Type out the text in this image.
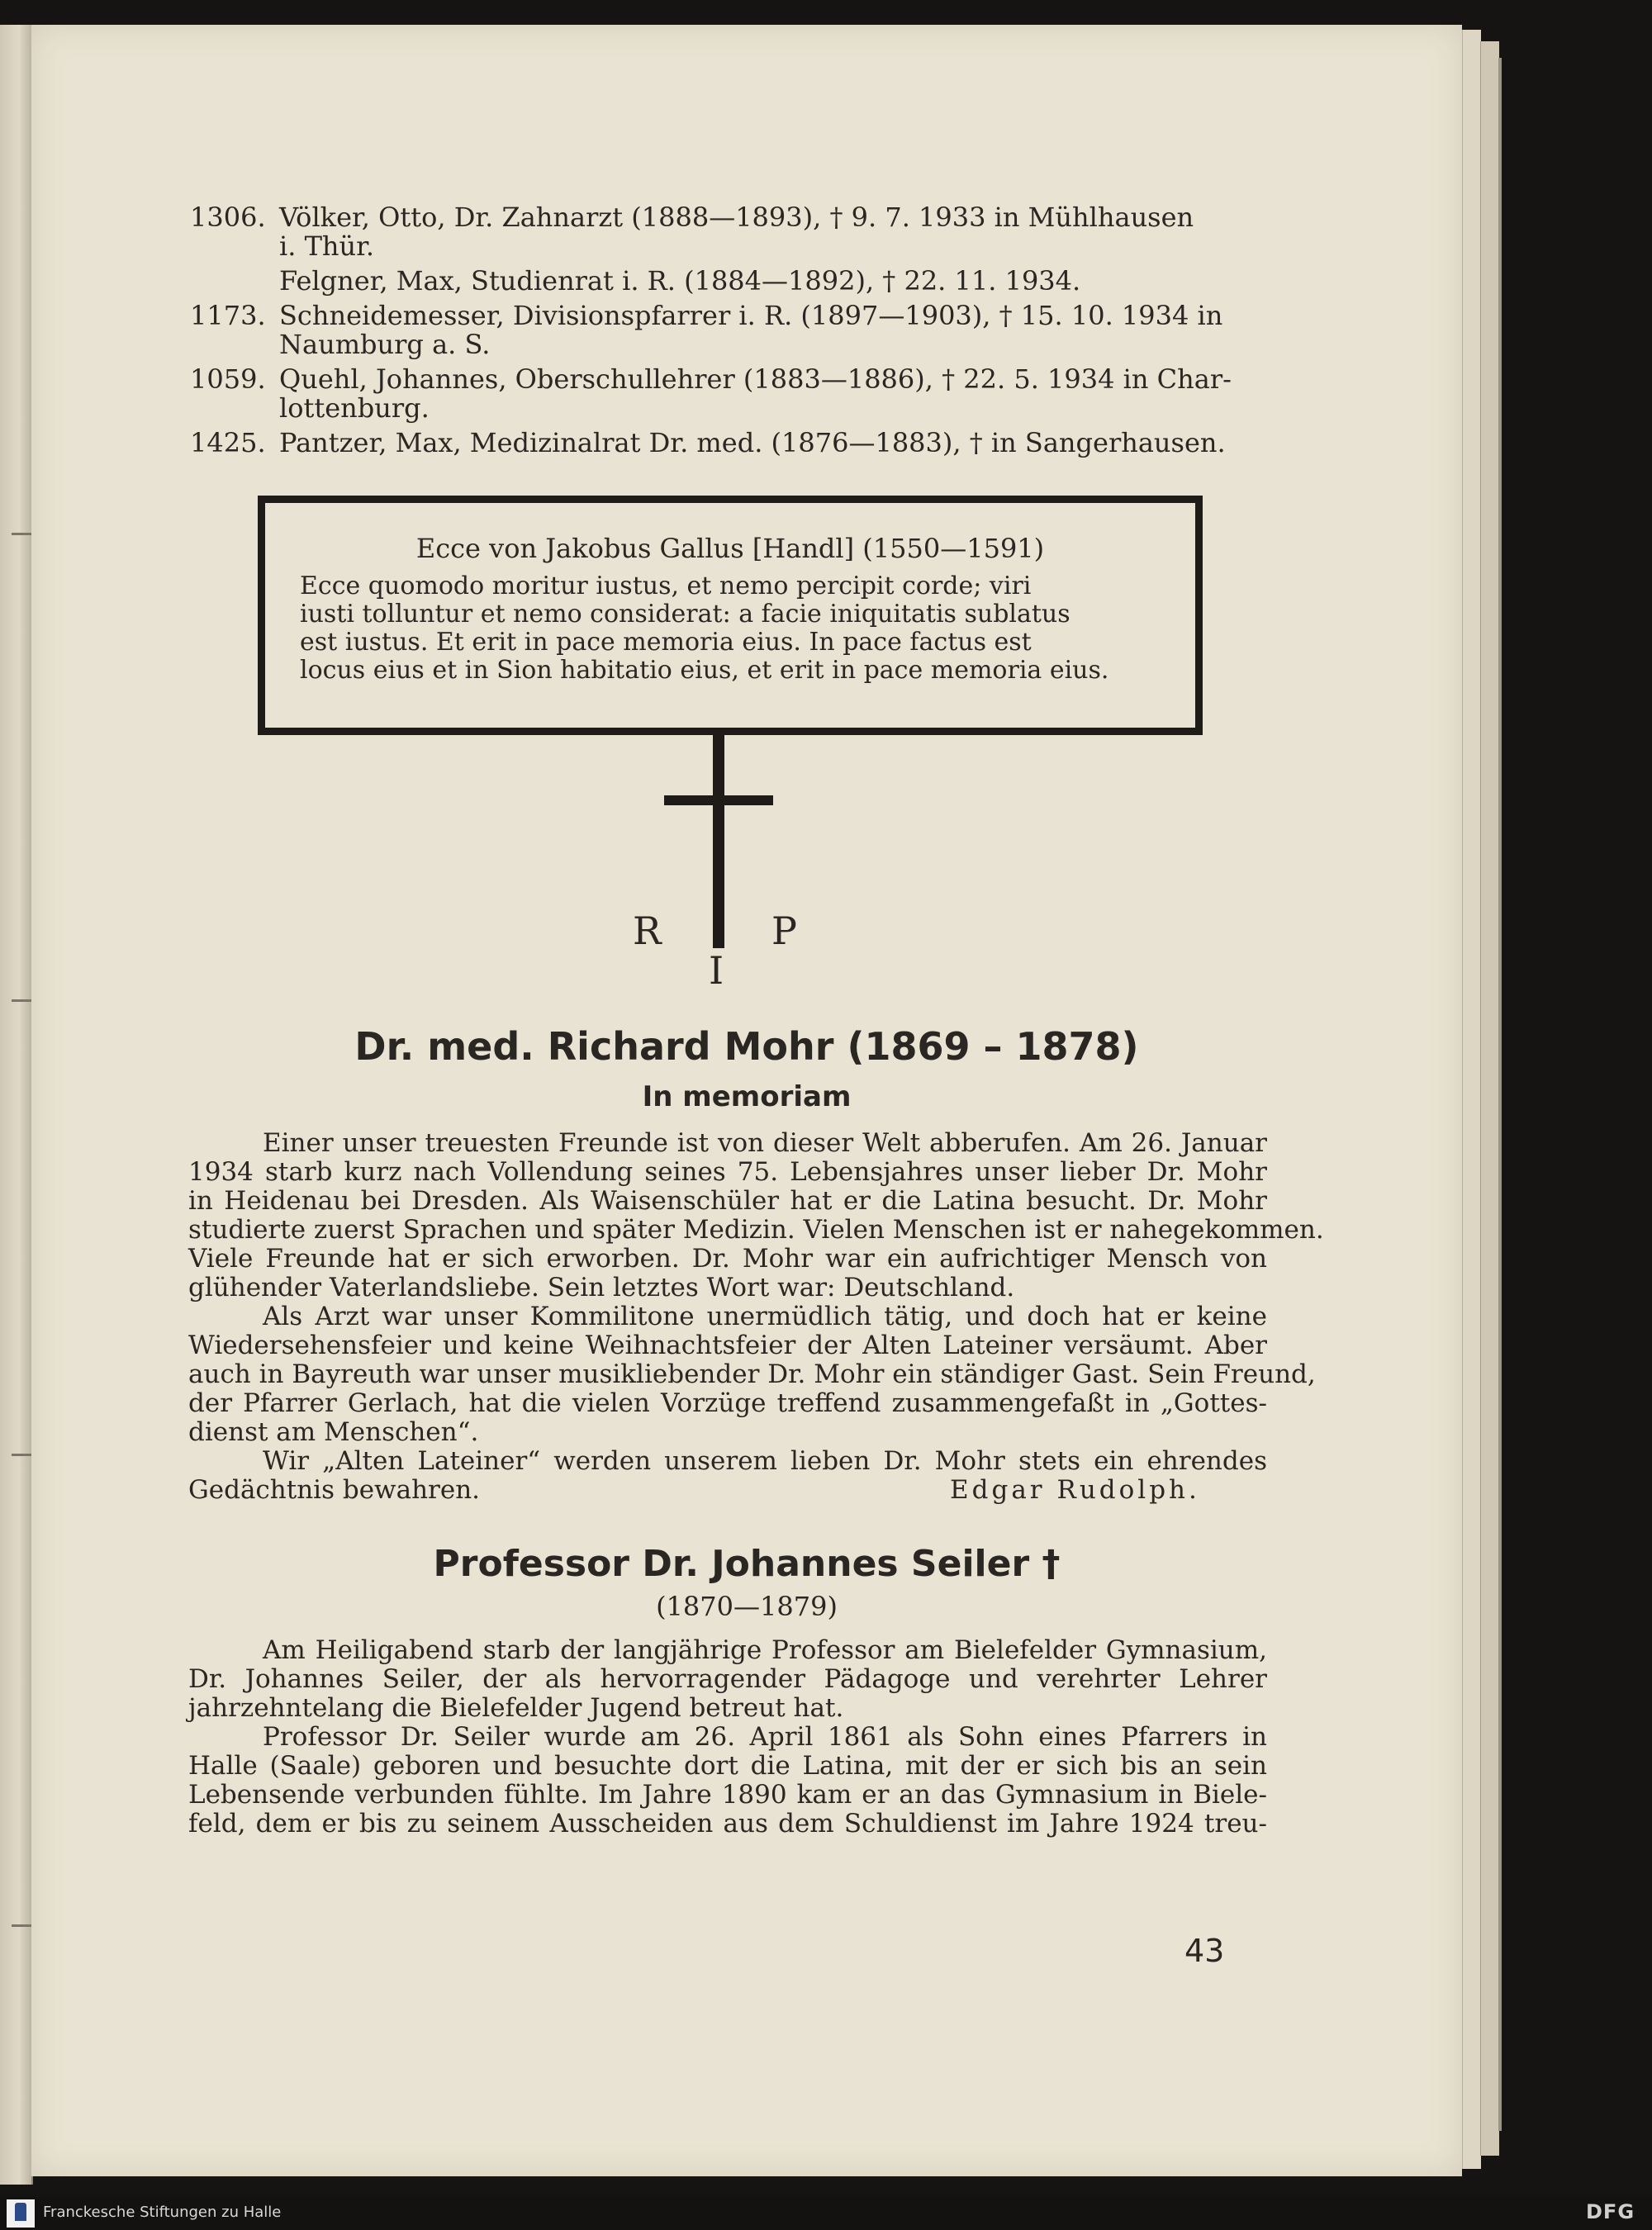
1306. Völker, Otto, Dr. Zahnarzt (1888—1893), † 9. 7. 1933 in Mühlhausen
i. Thür.
Felgner, Max, Studienrat i. R. (1884—1892), † 22. 11. 1934.
1173. Schneidemesser, Divisionspfarrer i. R. (1897—1903), † 15. 10. 1934 in
Naumburg a. S.
1059. Quehl, Johannes, Oberschullehrer (1883—1886), † 22. 5. 1934 in Char-
lottenburg.
1425. Pantzer, Max, Medizinalrat Dr. med. (1876—1883), † in Sangerhausen.
Ecce von Jakobus Gallus [Handl] (1550—1591)
Ecce quomodo moritur iustus, et nemo percipit corde; viri
iusti tolluntur et nemo considerat: a facie iniquitatis sublatus
est iustus. Et erit in pace memoria eius. In pace factus est
locus eius et in Sion habitatio eius, et erit in pace memoria eius.
R
I
P
Dr. med. Richard Mohr (1869 – 1878)
In memoriam
Einer unser treuesten Freunde ist von dieser Welt abberufen. Am 26. Januar
1934 starb kurz nach Vollendung seines 75. Lebensjahres unser lieber Dr. Mohr
in Heidenau bei Dresden. Als Waisenschüler hat er die Latina besucht. Dr. Mohr
studierte zuerst Sprachen und später Medizin. Vielen Menschen ist er nahegekommen.
Viele Freunde hat er sich erworben. Dr. Mohr war ein aufrichtiger Mensch von
glühender Vaterlandsliebe. Sein letztes Wort war: Deutschland.
Als Arzt war unser Kommilitone unermüdlich tätig, und doch hat er keine
Wiedersehensfeier und keine Weihnachtsfeier der Alten Lateiner versäumt. Aber
auch in Bayreuth war unser musikliebender Dr. Mohr ein ständiger Gast. Sein Freund,
der Pfarrer Gerlach, hat die vielen Vorzüge treffend zusammengefaßt in „Gottes-
dienst am Menschen“.
Wir „Alten Lateiner“ werden unserem lieben Dr. Mohr stets ein ehrendes
Gedächtnis bewahren.	Edgar Rudolph.
Professor Dr. Johannes Seiler †
(1870—1879)
Am Heiligabend starb der langjährige Professor am Bielefelder Gymnasium,
Dr. Johannes Seiler, der als hervorragender Pädagoge und verehrter Lehrer
jahrzehntelang die Bielefelder Jugend betreut hat.
Professor Dr. Seiler wurde am 26. April 1861 als Sohn eines Pfarrers in
Halle (Saale) geboren und besuchte dort die Latina, mit der er sich bis an sein
Lebensende verbunden fühlte. Im Jahre 1890 kam er an das Gymnasium in Biele-
feld, dem er bis zu seinem Ausscheiden aus dem Schuldienst im Jahre 1924 treu-
43
Franckesche Stiftungen zu Halle	DFG
